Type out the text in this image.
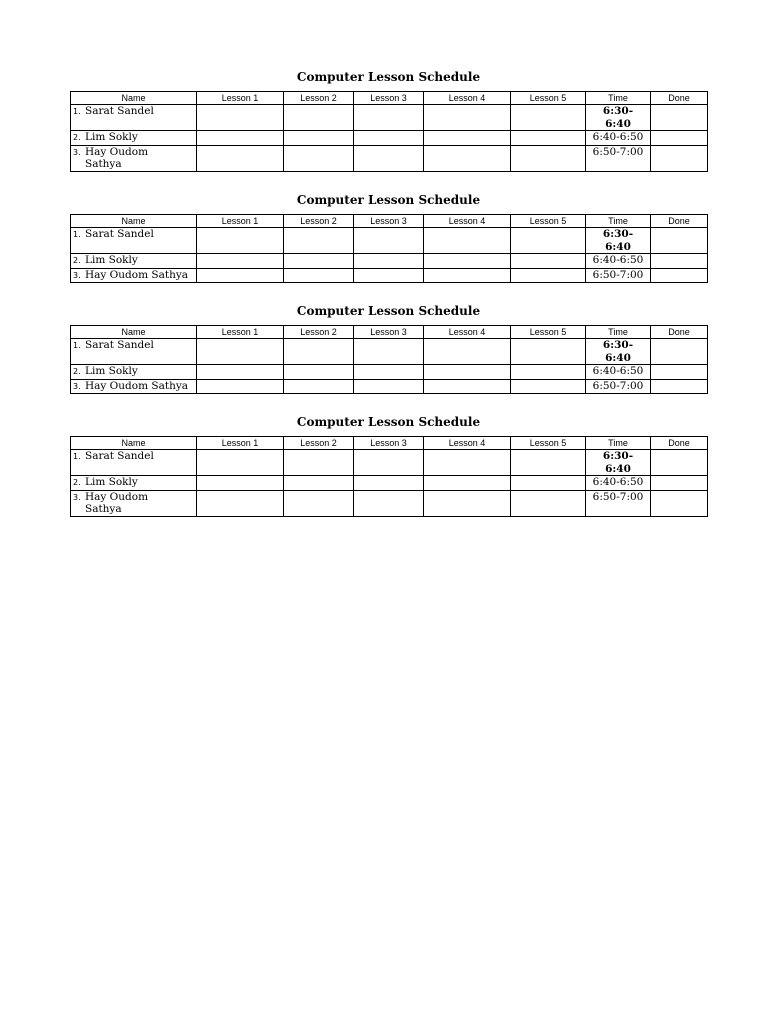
Computer Lesson Schedule
Name	Lesson 1	Lesson 2	Lesson 3	Lesson 4	Lesson 5	Time	Done
1. Sarat Sandel						6:30-
6:40	
2. Lim Sokly						6:40-6:50	
3. Hay Oudom Sathya						6:50-7:00	
Computer Lesson Schedule
Name	Lesson 1	Lesson 2	Lesson 3	Lesson 4	Lesson 5	Time	Done
1. Sarat Sandel						6:30-
6:40	
2. Lim Sokly						6:40-6:50	
3. Hay Oudom Sathya						6:50-7:00	
Computer Lesson Schedule
Name	Lesson 1	Lesson 2	Lesson 3	Lesson 4	Lesson 5	Time	Done
1. Sarat Sandel						6:30-
6:40	
2. Lim Sokly						6:40-6:50	
3. Hay Oudom Sathya						6:50-7:00	
Computer Lesson Schedule
Name	Lesson 1	Lesson 2	Lesson 3	Lesson 4	Lesson 5	Time	Done
1. Sarat Sandel						6:30-
6:40	
2. Lim Sokly						6:40-6:50	
3. Hay Oudom Sathya						6:50-7:00	
